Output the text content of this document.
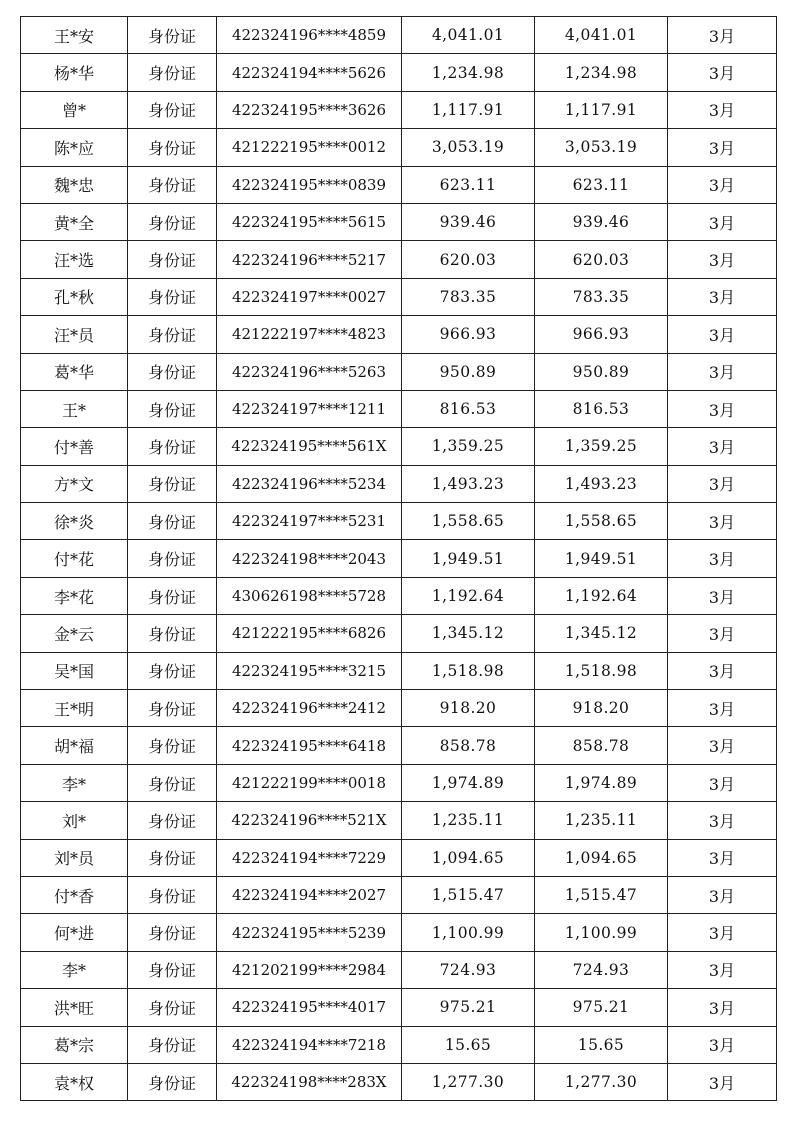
王*安	身份证	422324196****4859	4,041.01	4,041.01	3月
杨*华	身份证	422324194****5626	1,234.98	1,234.98	3月
曾*	身份证	422324195****3626	1,117.91	1,117.91	3月
陈*应	身份证	421222195****0012	3,053.19	3,053.19	3月
魏*忠	身份证	422324195****0839	623.11	623.11	3月
黄*全	身份证	422324195****5615	939.46	939.46	3月
汪*选	身份证	422324196****5217	620.03	620.03	3月
孔*秋	身份证	422324197****0027	783.35	783.35	3月
汪*员	身份证	421222197****4823	966.93	966.93	3月
葛*华	身份证	422324196****5263	950.89	950.89	3月
王*	身份证	422324197****1211	816.53	816.53	3月
付*善	身份证	422324195****561X	1,359.25	1,359.25	3月
方*文	身份证	422324196****5234	1,493.23	1,493.23	3月
徐*炎	身份证	422324197****5231	1,558.65	1,558.65	3月
付*花	身份证	422324198****2043	1,949.51	1,949.51	3月
李*花	身份证	430626198****5728	1,192.64	1,192.64	3月
金*云	身份证	421222195****6826	1,345.12	1,345.12	3月
吴*国	身份证	422324195****3215	1,518.98	1,518.98	3月
王*明	身份证	422324196****2412	918.20	918.20	3月
胡*福	身份证	422324195****6418	858.78	858.78	3月
李*	身份证	421222199****0018	1,974.89	1,974.89	3月
刘*	身份证	422324196****521X	1,235.11	1,235.11	3月
刘*员	身份证	422324194****7229	1,094.65	1,094.65	3月
付*香	身份证	422324194****2027	1,515.47	1,515.47	3月
何*进	身份证	422324195****5239	1,100.99	1,100.99	3月
李*	身份证	421202199****2984	724.93	724.93	3月
洪*旺	身份证	422324195****4017	975.21	975.21	3月
葛*宗	身份证	422324194****7218	15.65	15.65	3月
袁*权	身份证	422324198****283X	1,277.30	1,277.30	3月
